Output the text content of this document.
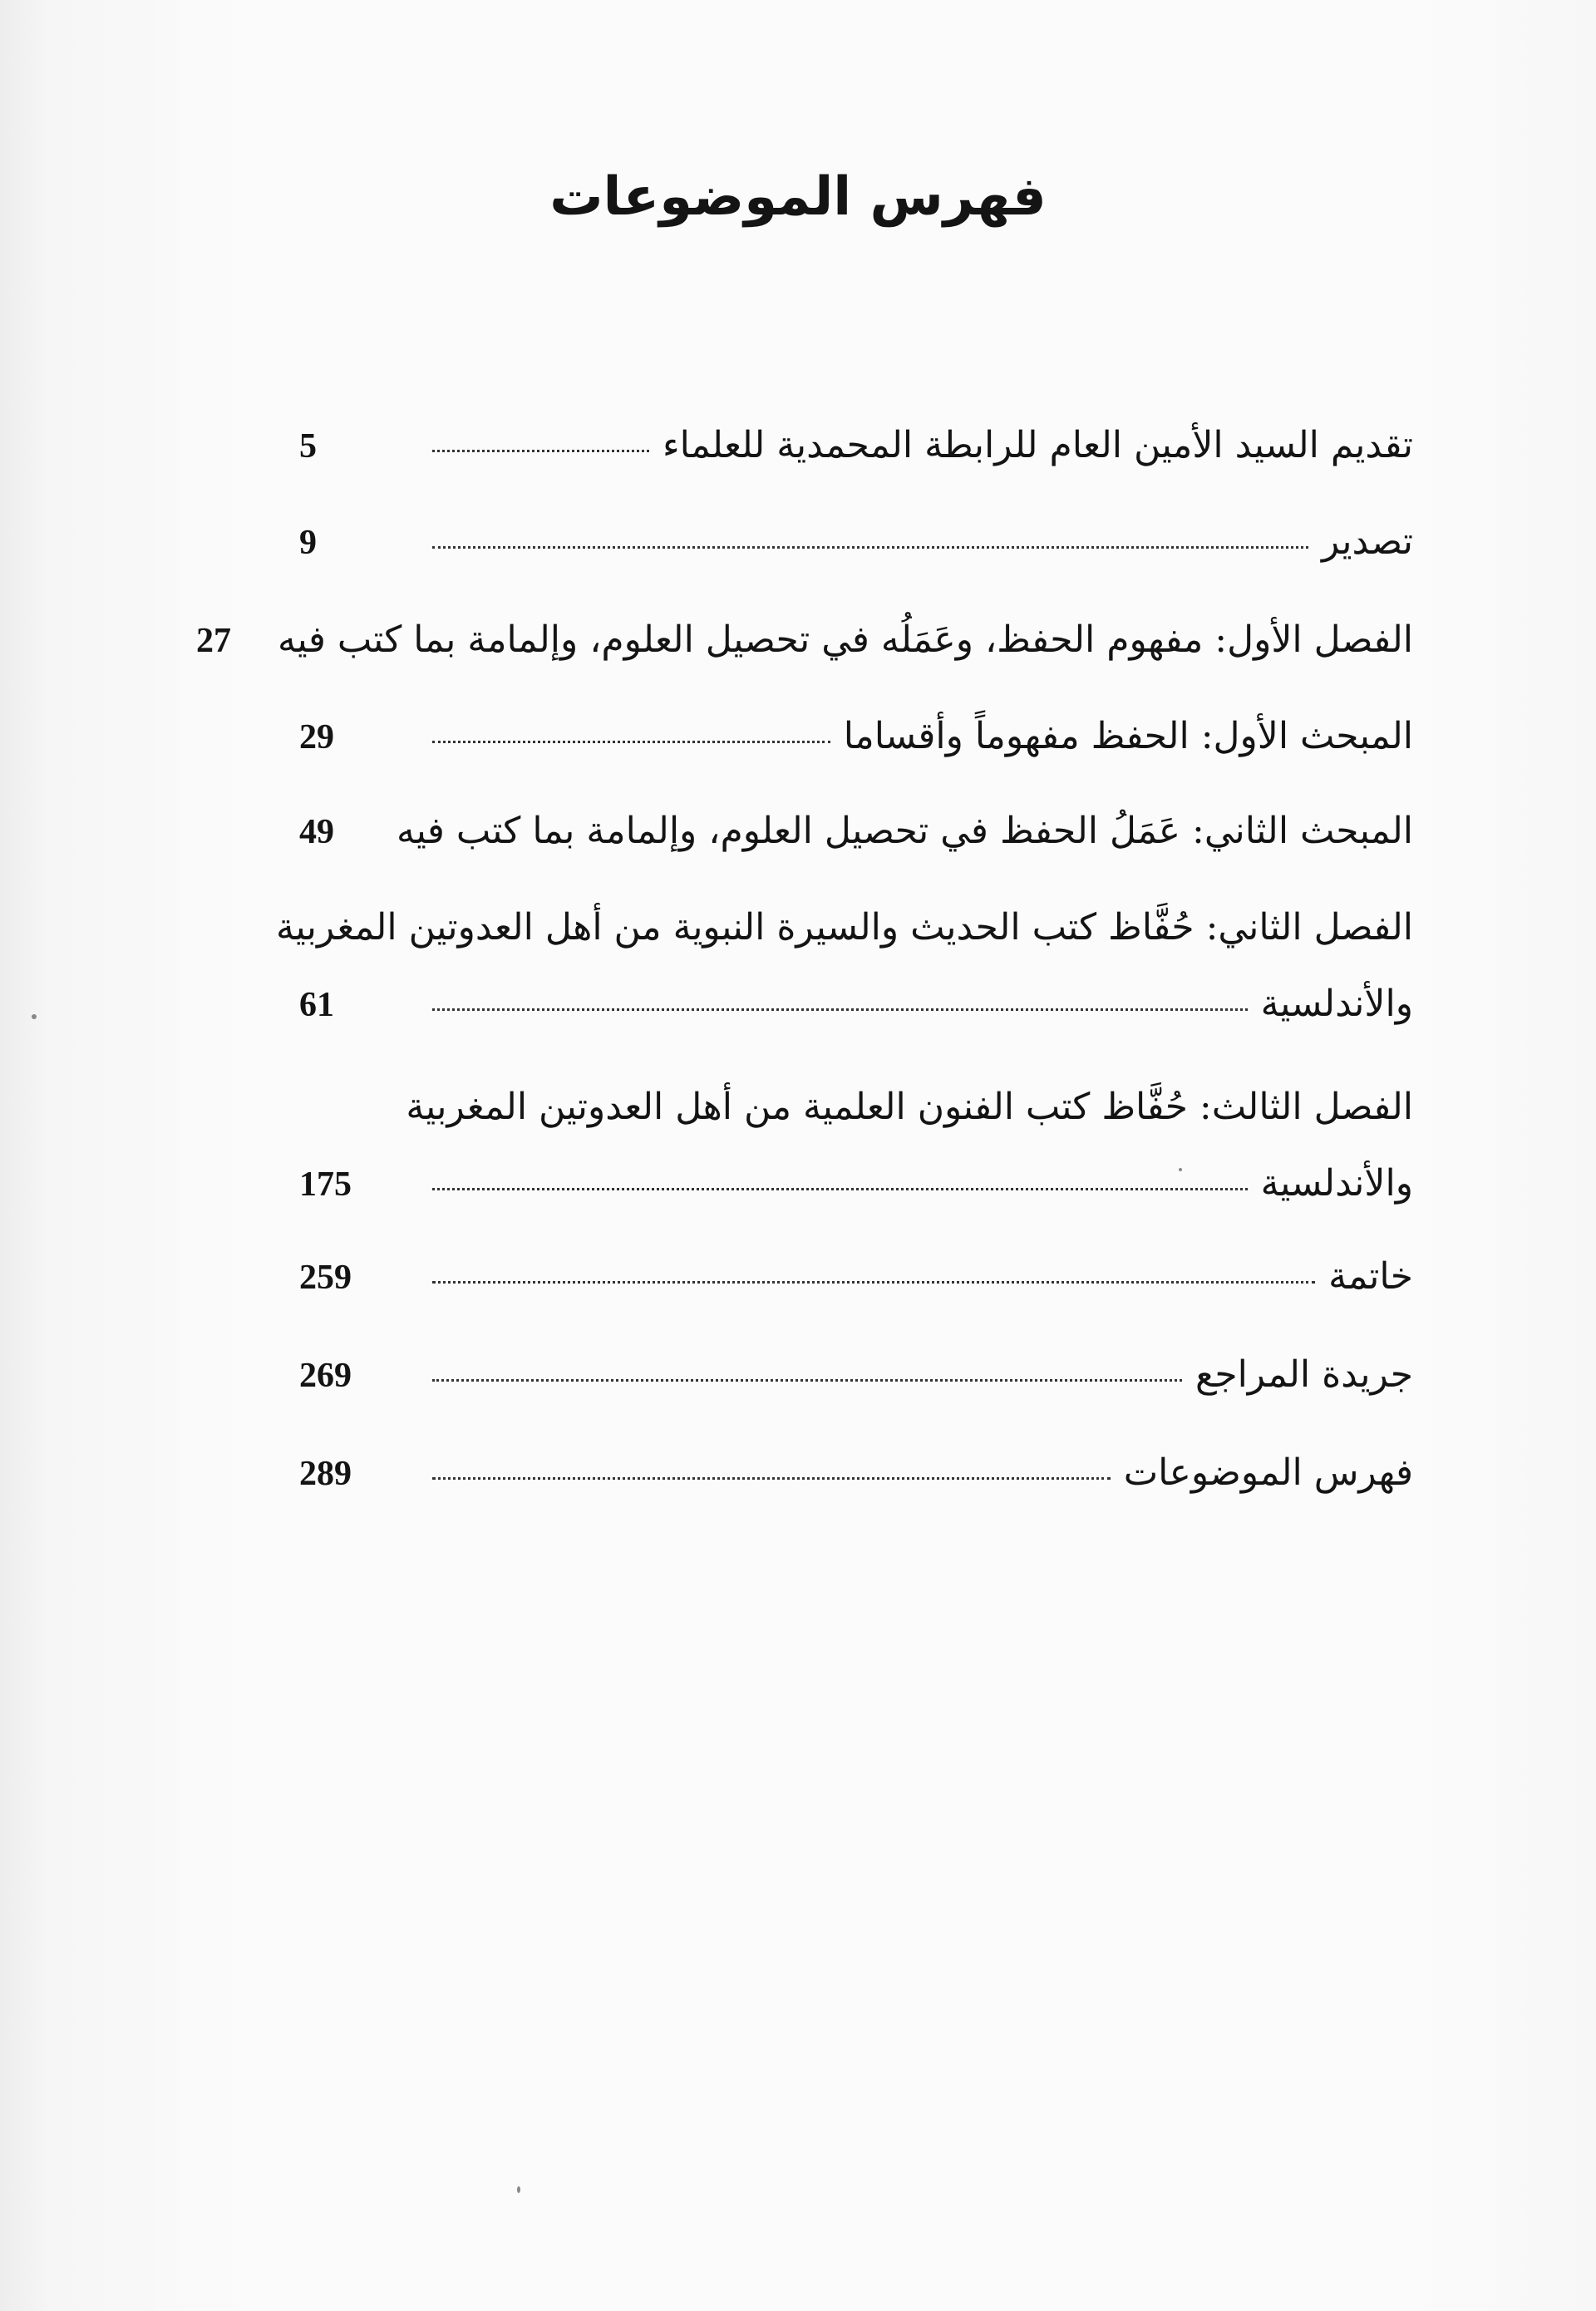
فهرس الموضوعات
تقديم السيد الأمين العام للرابطة المحمدية للعلماء
5
تصدير
9
الفصل الأول: مفهوم الحفظ، وعَمَلُه في تحصيل العلوم، وإلمامة بما كتب فيه
27
المبحث الأول: الحفظ مفهوماً وأقساما
29
المبحث الثاني: عَمَلُ الحفظ في تحصيل العلوم، وإلمامة بما كتب فيه
49
الفصل الثاني: حُفَّاظ كتب الحديث والسيرة النبوية من أهل العدوتين المغربية
والأندلسية
61
الفصل الثالث: حُفَّاظ كتب الفنون العلمية من أهل العدوتين المغربية
والأندلسية
175
خاتمة
259
جريدة المراجع
269
فهرس الموضوعات
289
